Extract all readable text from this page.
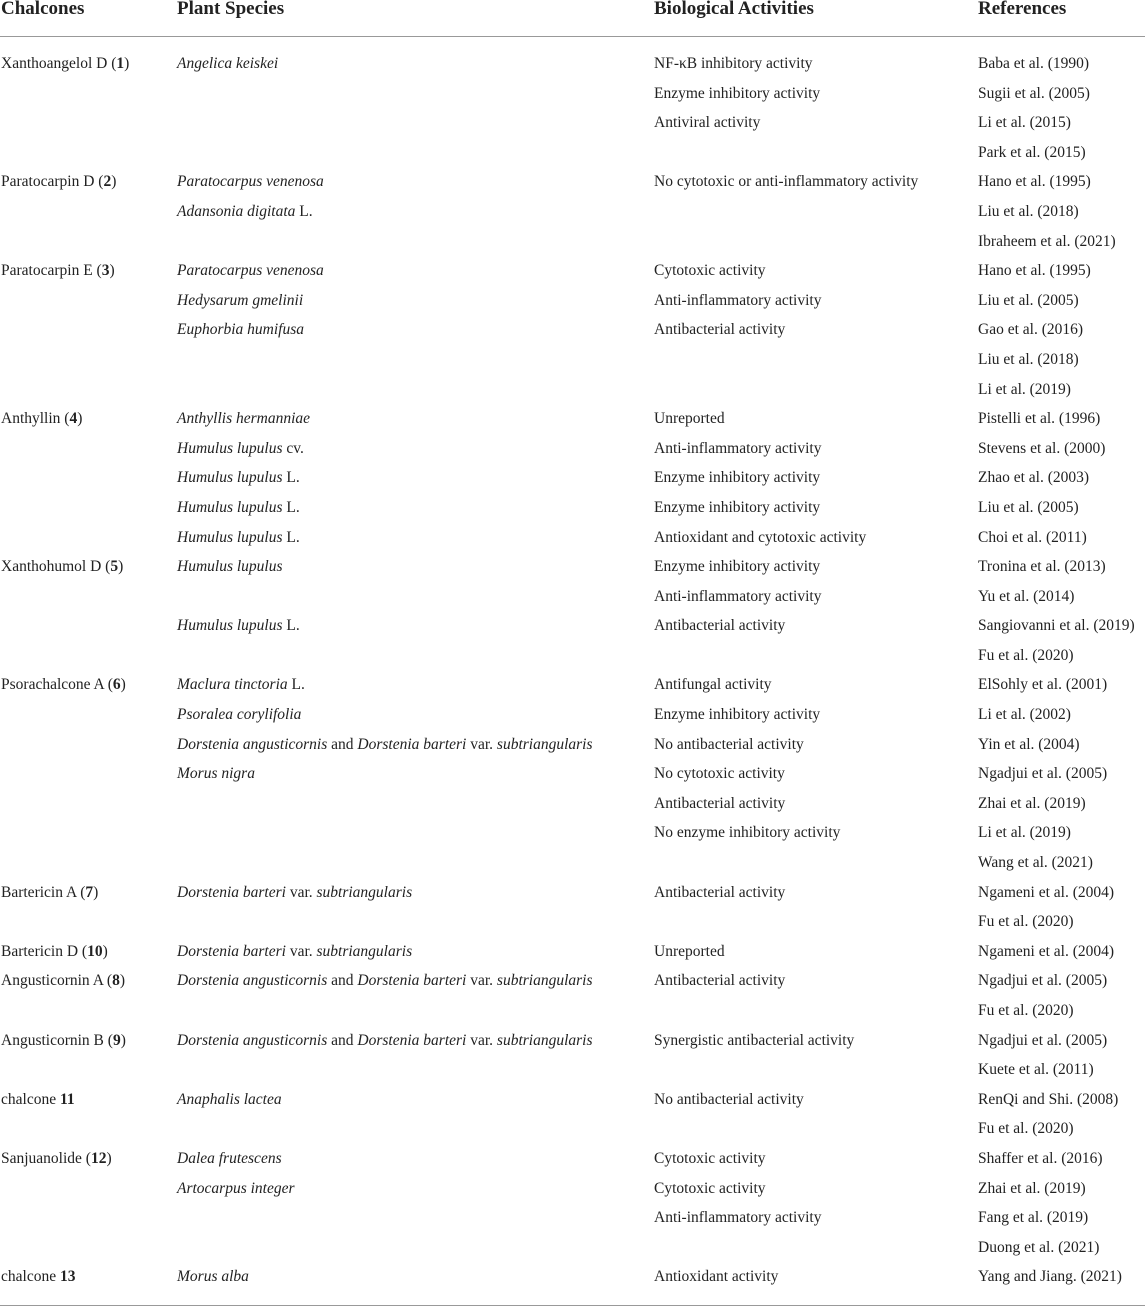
Chalcones	Plant Species	Biological Activities	References

Xanthoangelol D (1)	Angelica keiskei	NF-κB inhibitory activity	Baba et al. (1990)
		Enzyme inhibitory activity	Sugii et al. (2005)
		Antiviral activity	Li et al. (2015)
			Park et al. (2015)
Paratocarpin D (2)	Paratocarpus venenosa	No cytotoxic or anti-inflammatory activity	Hano et al. (1995)
	Adansonia digitata L.		Liu et al. (2018)
			Ibraheem et al. (2021)
Paratocarpin E (3)	Paratocarpus venenosa	Cytotoxic activity	Hano et al. (1995)
	Hedysarum gmelinii	Anti-inflammatory activity	Liu et al. (2005)
	Euphorbia humifusa	Antibacterial activity	Gao et al. (2016)
			Liu et al. (2018)
			Li et al. (2019)
Anthyllin (4)	Anthyllis hermanniae	Unreported	Pistelli et al. (1996)
	Humulus lupulus cv.	Anti-inflammatory activity	Stevens et al. (2000)
	Humulus lupulus L.	Enzyme inhibitory activity	Zhao et al. (2003)
	Humulus lupulus L.	Enzyme inhibitory activity	Liu et al. (2005)
	Humulus lupulus L.	Antioxidant and cytotoxic activity	Choi et al. (2011)
Xanthohumol D (5)	Humulus lupulus	Enzyme inhibitory activity	Tronina et al. (2013)
		Anti-inflammatory activity	Yu et al. (2014)
	Humulus lupulus L.	Antibacterial activity	Sangiovanni et al. (2019)
			Fu et al. (2020)
Psorachalcone A (6)	Maclura tinctoria L.	Antifungal activity	ElSohly et al. (2001)
	Psoralea corylifolia	Enzyme inhibitory activity	Li et al. (2002)
	Dorstenia angusticornis and Dorstenia barteri var. subtriangularis	No antibacterial activity	Yin et al. (2004)
	Morus nigra	No cytotoxic activity	Ngadjui et al. (2005)
		Antibacterial activity	Zhai et al. (2019)
		No enzyme inhibitory activity	Li et al. (2019)
			Wang et al. (2021)
Bartericin A (7)	Dorstenia barteri var. subtriangularis	Antibacterial activity	Ngameni et al. (2004)
			Fu et al. (2020)
Bartericin D (10)	Dorstenia barteri var. subtriangularis	Unreported	Ngameni et al. (2004)
Angusticornin A (8)	Dorstenia angusticornis and Dorstenia barteri var. subtriangularis	Antibacterial activity	Ngadjui et al. (2005)
			Fu et al. (2020)
Angusticornin B (9)	Dorstenia angusticornis and Dorstenia barteri var. subtriangularis	Synergistic antibacterial activity	Ngadjui et al. (2005)
			Kuete et al. (2011)
chalcone 11	Anaphalis lactea	No antibacterial activity	RenQi and Shi. (2008)
			Fu et al. (2020)
Sanjuanolide (12)	Dalea frutescens	Cytotoxic activity	Shaffer et al. (2016)
	Artocarpus integer	Cytotoxic activity	Zhai et al. (2019)
		Anti-inflammatory activity	Fang et al. (2019)
			Duong et al. (2021)
chalcone 13	Morus alba	Antioxidant activity	Yang and Jiang. (2021)
